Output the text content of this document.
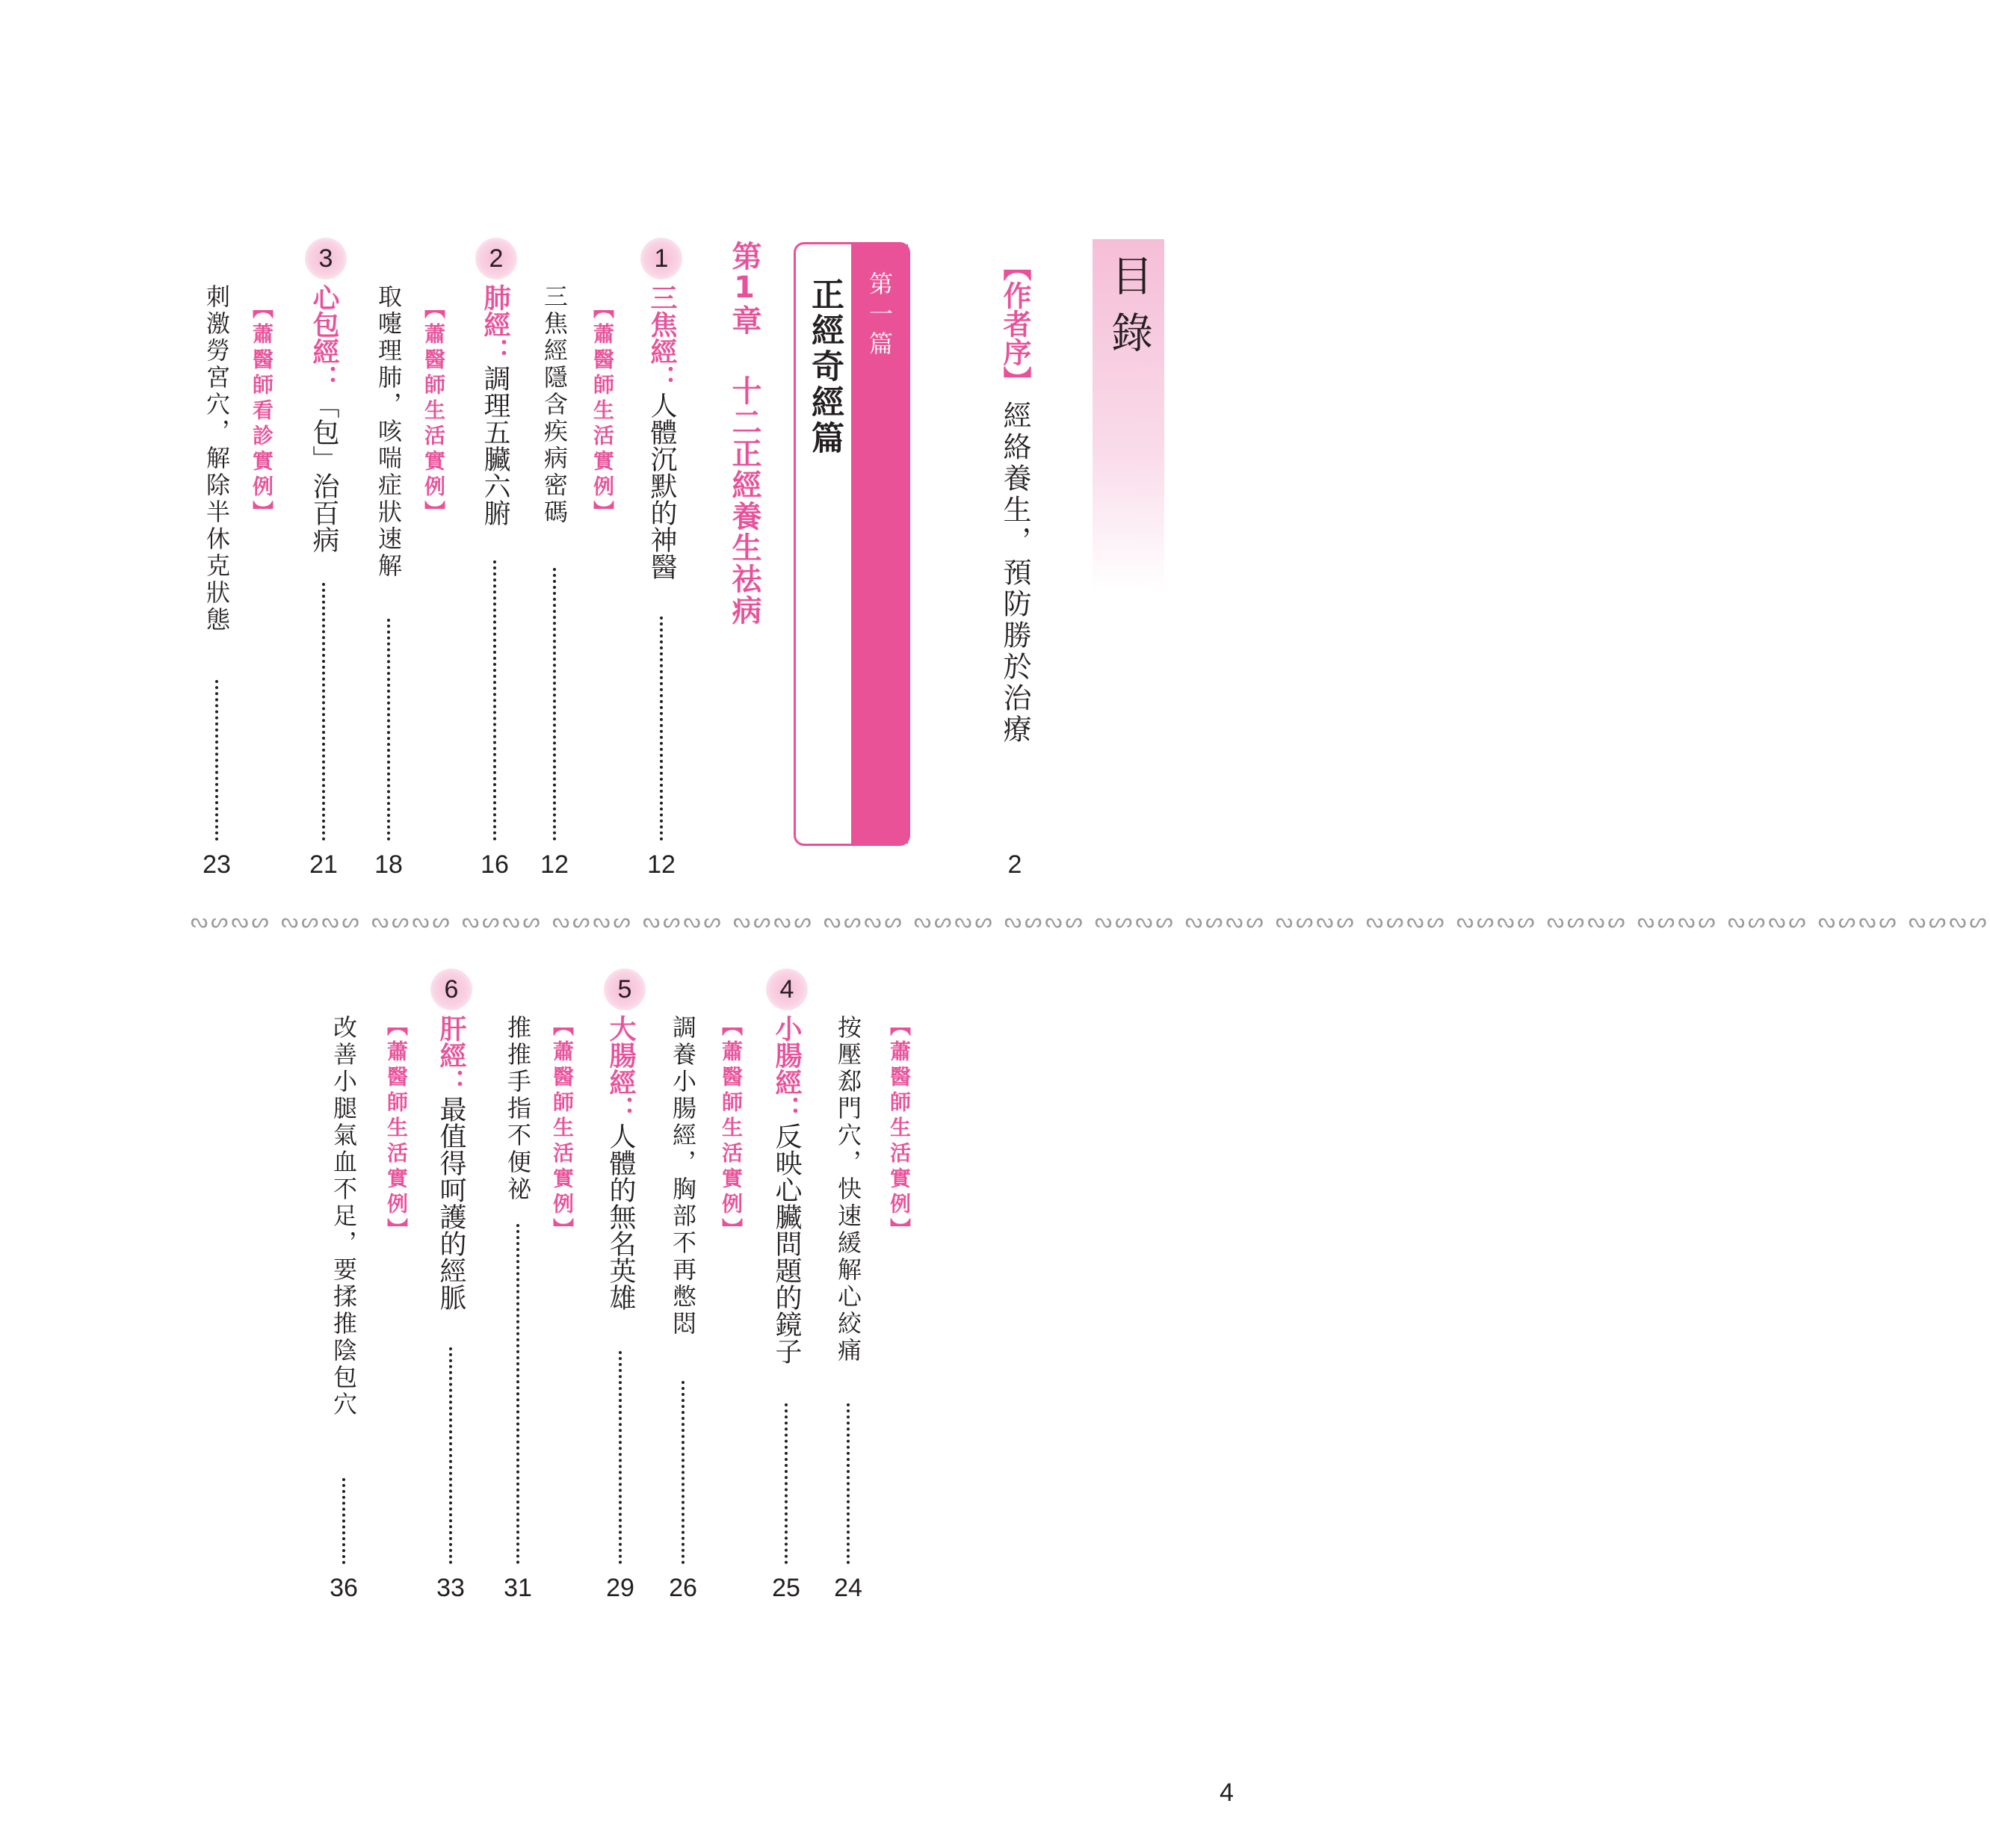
目錄
【作者序】
經絡養生，預防勝於治療
2
第一篇
正經奇經篇
第1章
十二正經養生祛病
1
三焦經：人體沉默的神醫
12
【蕭醫師生活實例】
三焦經隱含疾病密碼
12
2
肺經：調理五臟六腑
16
【蕭醫師生活實例】
取嚏理肺，咳喘症狀速解
18
3
心包經：「包」治百病
21
【蕭醫師看診實例】
刺激勞宮穴，解除半休克狀態
23
ᔓᔕᔓᔕ ᔓᔕᔓᔕ ᔓᔕᔓᔕ ᔓᔕᔓᔕ ᔓᔕᔓᔕ ᔓᔕᔓᔕ ᔓᔕᔓᔕ ᔓᔕᔓᔕ ᔓᔕᔓᔕ ᔓᔕᔓᔕ ᔓᔕᔓᔕ ᔓᔕᔓᔕ ᔓᔕᔓᔕ ᔓᔕᔓᔕ ᔓᔕᔓᔕ ᔓᔕᔓᔕ ᔓᔕᔓᔕ ᔓᔕᔓᔕ ᔓᔕᔓᔕ ᔓᔕᔓᔕ
【蕭醫師生活實例】
按壓郄門穴，快速緩解心絞痛
24
4
小腸經：反映心臟問題的鏡子
25
【蕭醫師生活實例】
調養小腸經，胸部不再憋悶
26
5
大腸經：人體的無名英雄
29
【蕭醫師生活實例】
推推手指不便祕
31
6
肝經：最值得呵護的經脈
33
【蕭醫師生活實例】
改善小腿氣血不足，要揉推陰包穴
36
4
